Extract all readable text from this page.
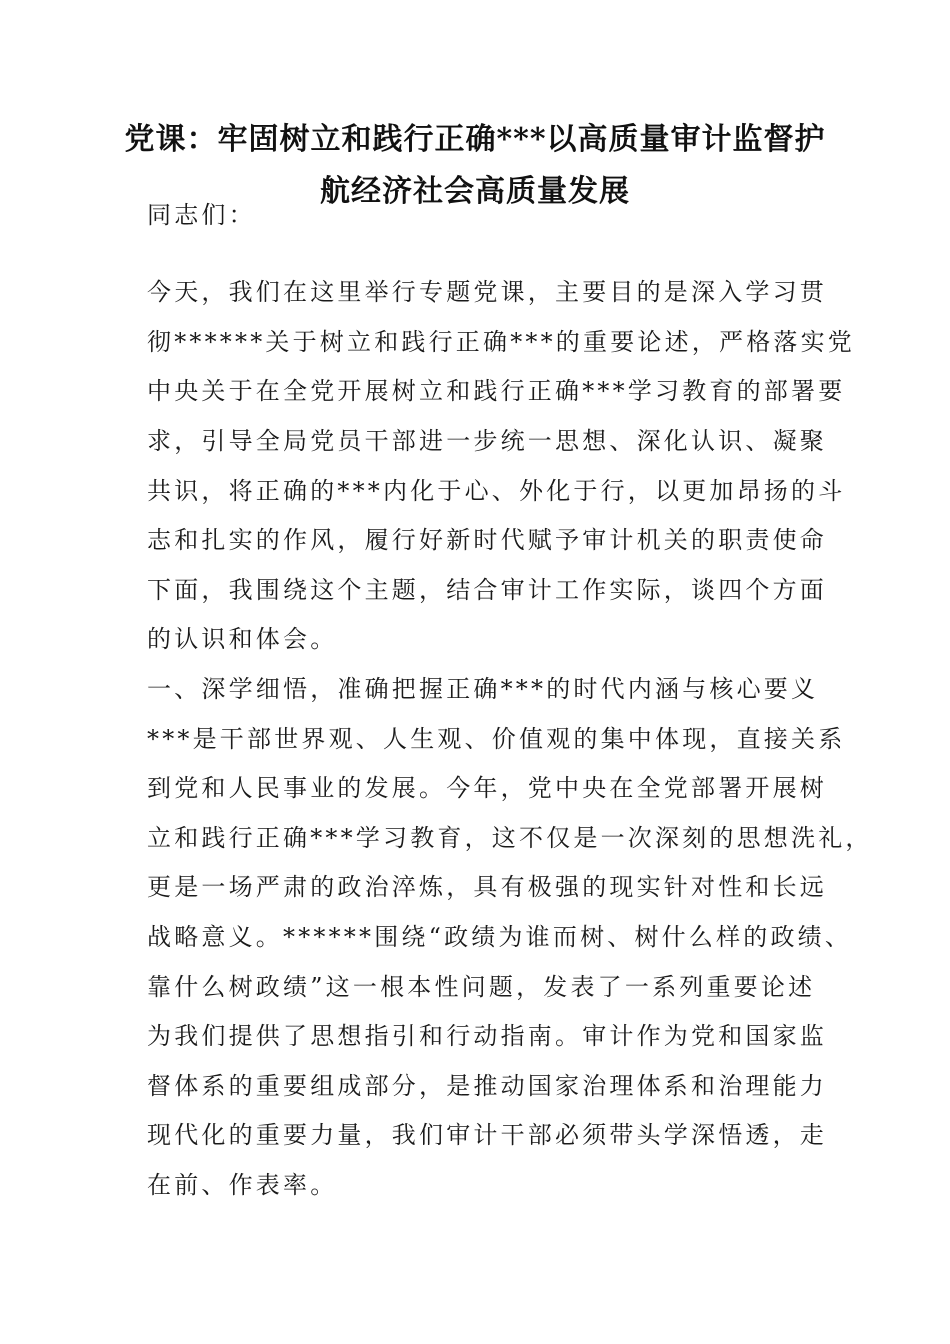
党课：牢固树立和践行正确***以高质量审计监督护
航经济社会高质量发展
同志们：
今天，我们在这里举行专题党课，主要目的是深入学习贯
彻******关于树立和践行正确***的重要论述，严格落实党
中央关于在全党开展树立和践行正确***学习教育的部署要
求，引导全局党员干部进一步统一思想、深化认识、凝聚
共识，将正确的***内化于心、外化于行，以更加昂扬的斗
志和扎实的作风，履行好新时代赋予审计机关的职责使命
下面，我围绕这个主题，结合审计工作实际，谈四个方面
的认识和体会。
一、深学细悟，准确把握正确***的时代内涵与核心要义
***是干部世界观、人生观、价值观的集中体现，直接关系
到党和人民事业的发展。今年，党中央在全党部署开展树
立和践行正确***学习教育，这不仅是一次深刻的思想洗礼，
更是一场严肃的政治淬炼，具有极强的现实针对性和长远
战略意义。******围绕“政绩为谁而树、树什么样的政绩、
靠什么树政绩”这一根本性问题，发表了一系列重要论述
为我们提供了思想指引和行动指南。审计作为党和国家监
督体系的重要组成部分，是推动国家治理体系和治理能力
现代化的重要力量，我们审计干部必须带头学深悟透，走
在前、作表率。
